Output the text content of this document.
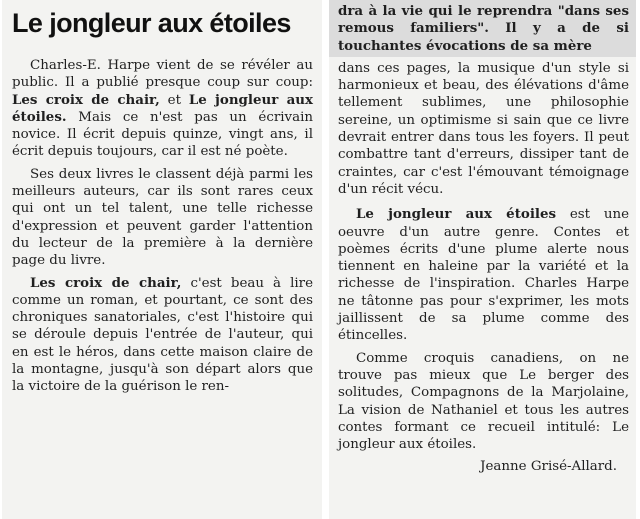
Le jongleur aux étoiles

Charles-E. Harpe vient de se révéler au public. Il a publié presque coup sur coup: Les croix de chair, et Le jongleur aux étoiles. Mais ce n'est pas un écrivain novice. Il écrit depuis quinze, vingt ans, il écrit depuis toujours, car il est né poète.

Ses deux livres le classent déjà parmi les meilleurs auteurs, car ils sont rares ceux qui ont un tel talent, une telle richesse d'expression et peuvent garder l'attention du lecteur de la première à la dernière page du livre.

Les croix de chair, c'est beau à lire comme un roman, et pourtant, ce sont des chroniques sanatoriales, c'est l'histoire qui se déroule depuis l'entrée de l'auteur, qui en est le héros, dans cette maison claire de la montagne, jusqu'à son départ alors que la victoire de la guérison le ren-

dra à la vie qui le reprendra "dans ses remous familiers". Il y a de si touchantes évocations de sa mère

dans ces pages, la musique d'un style si harmonieux et beau, des élévations d'âme tellement sublimes, une philosophie sereine, un optimisme si sain que ce livre devrait entrer dans tous les foyers. Il peut combattre tant d'erreurs, dissiper tant de craintes, car c'est l'émouvant témoignage d'un récit vécu.

Le jongleur aux étoiles est une oeuvre d'un autre genre. Contes et poèmes écrits d'une plume alerte nous tiennent en haleine par la variété et la richesse de l'inspiration. Charles Harpe ne tâtonne pas pour s'exprimer, les mots jaillissent de sa plume comme des étincelles.

Comme croquis canadiens, on ne trouve pas mieux que Le berger des solitudes, Compagnons de la Marjolaine, La vision de Nathaniel et tous les autres contes formant ce recueil intitulé: Le jongleur aux étoiles.

Jeanne Grisé-Allard.
